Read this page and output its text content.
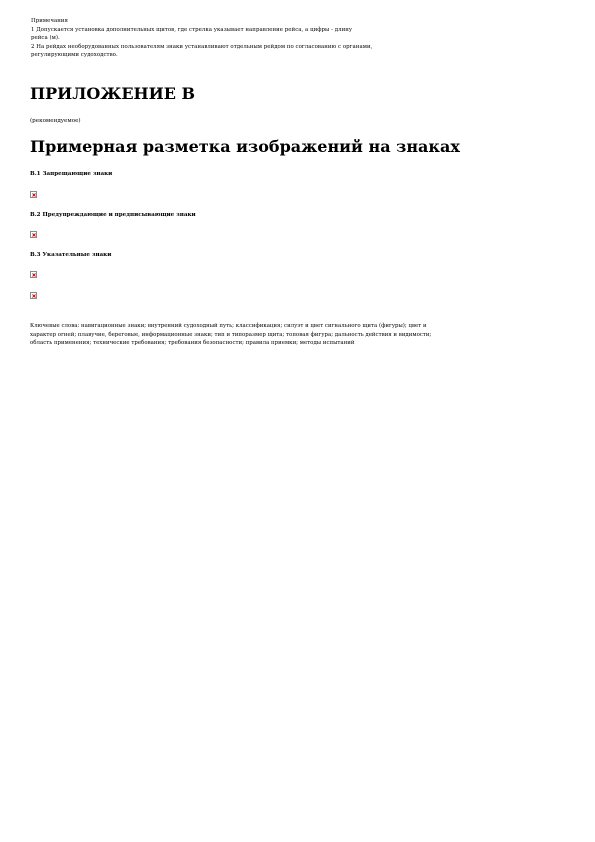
Примечания
1 Допускается установка дополнительных щитов, где стрелка указывает направление рейса, а цифры - длину
рейса (м).
2 На рейдах необорудованных пользователям знаки устанавливают отдельным рейдом по согласованию с органами,
регулирующими судоходство.
ПРИЛОЖЕНИЕ В
(рекомендуемое)
Примерная разметка изображений на знаках
В.1 Запрещающие знаки
В.2 Предупреждающие и предписывающие знаки
В.3 Указательные знаки
Ключевые слова: навигационные знаки; внутренний судоходный путь; классификация; силуэт и цвет сигнального щита (фигуры); цвет и
характер огней; плавучие, береговые, информационные знаки; тип и типоразмер щита; топовая фигура; дальность действия и видимости;
область применения; технические требования; требования безопасности; правила приемки; методы испытаний
